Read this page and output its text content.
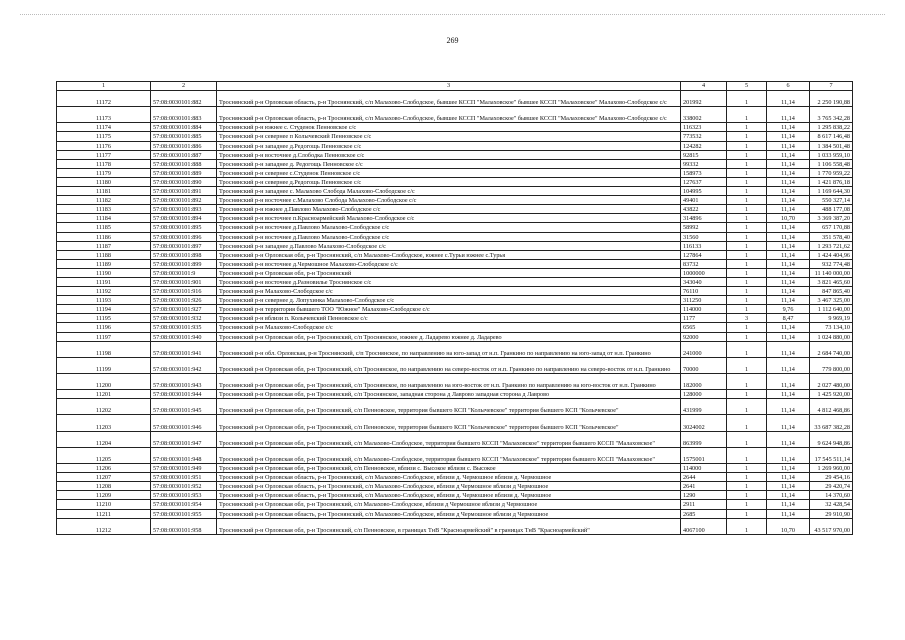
269
1	2	3	4	5	6	7
11172	57:08:0030101:882	Троснянский р-н Орловская область, р-н Троснянский, с/п Малахово-Слободское, бывшее КССП "Малаховское" бывшее КССП "Малаховское" Малахово-Слободское с/с	201992	1	11,14	2 250 190,88
11173	57:08:0030101:883	Троснянский р-н Орловская область, р-н Троснянский, с/п Малахово-Слободское, бывшее КССП "Малаховское" бывшее КССП "Малаховское" Малахово-Слободское с/с	338002	1	11,14	3 765 342,28
11174	57:08:0030101:884	Троснянский р-н южнее с. Студенок Пенновское с/с	116323	1	11,14	1 295 838,22
11175	57:08:0030101:885	Троснянский р-н севернее п Колычевский Пенновское с/с	773532	1	11,14	8 617 146,48
11176	57:08:0030101:886	Троснянский р-н западнее д.Редогощь Пенновское с/с	124282	1	11,14	1 384 501,48
11177	57:08:0030101:887	Троснянский р-н восточнее д.Слободка Пенновское с/с	92815	1	11,14	1 033 959,10
11178	57:08:0030101:888	Троснянский р-н западнее д. Редогощь Пенновское с/с	99332	1	11,14	1 106 558,48
11179	57:08:0030101:889	Троснянский р-н севернее с.Студенок Пенновское с/с	158973	1	11,14	1 770 959,22
11180	57:08:0030101:890	Троснянский р-н севернее д.Редогощь Пенновское с/с	127637	1	11,14	1 421 876,18
11181	57:08:0030101:891	Троснянский р-н западнее с. Малахово Слобода Малахово-Слободское с/с	104995	1	11,14	1 169 644,30
11182	57:08:0030101:892	Троснянский р-н восточнее с.Малахово Слобода Малахово-Слободское с/с	49401	1	11,14	550 327,14
11183	57:08:0030101:893	Троснянский р-н южнее д.Павлово Малахово-Слободское с/с	43822	1	11,14	488 177,08
11184	57:08:0030101:894	Троснянский р-н восточнее п.Красноармейский Малахово-Слободское с/с	314896	1	10,70	3 369 387,20
11185	57:08:0030101:895	Троснянский р-н восточнее д.Павлово Малахово-Слободское с/с	58992	1	11,14	657 170,88
11186	57:08:0030101:896	Троснянский р-н восточнее д.Павлово Малахово-Слободское с/с	31560	1	11,14	351 578,40
11187	57:08:0030101:897	Троснянский р-н западнее д.Павлово Малахово-Слободское с/с	116133	1	11,14	1 293 721,62
11188	57:08:0030101:898	Троснянский р-н Орловская обл, р-н Троснянский, с/п Малахово-Слободское, южнее с.Турьи южнее с.Турья	127864	1	11,14	1 424 404,96
11189	57:08:0030101:899	Троснянский р-н восточнее д.Чермошное Малахово-Слободское с/с	83732	1	11,14	932 774,48
11190	57:08:0030101:9	Троснянский р-н Орловская обл, р-н Троснянский	1000000	1	11,14	11 140 000,00
11191	57:08:0030101:901	Троснянский р-н восточнее д.Разновилье Троснянское с/с	343040	1	11,14	3 821 465,60
11192	57:08:0030101:916	Троснянский р-н Малахово-Слободское с/с	76110	1	11,14	847 865,40
11193	57:08:0030101:926	Троснянский р-н севернее д. Лопухинка Малахово-Слободское с/с	311250	1	11,14	3 467 325,00
11194	57:08:0030101:927	Троснянский р-н территория бывшего ТОО "Южное" Малахово-Слободское с/с	114000	1	9,76	1 112 640,00
11195	57:08:0030101:932	Троснянский р-н вблизи п. Колычевский Пенновское с/с	1177	3	8,47	9 969,19
11196	57:08:0030101:935	Троснянский р-н Малахово-Слободское с/с	6565	1	11,14	73 134,10
11197	57:08:0030101:940	Троснянский р-н Орловская обл, р-н Троснянский, с/п Троснянское, южнее д. Ладарево южнее д. Ладарево	92000	1	11,14	1 024 880,00
11198	57:08:0030101:941	Троснянский р-н обл. Орловская, р-н Троснянский, с/п Троснянское, по направлению на юго-запад от н.п. Гранкино по направлению на юго-запад от н.п. Гранкино	241000	1	11,14	2 684 740,00
11199	57:08:0030101:942	Троснянский р-н Орловская обл, р-н Троснянский, с/п Троснянское, по направлению на северо-восток от н.п. Гранкино по направлению на северо-восток от н.п. Гранкино	70000	1	11,14	779 800,00
11200	57:08:0030101:943	Троснянский р-н Орловская обл, р-н Троснянский, с/п Троснянское, по направлению на юго-восток от н.п. Гранкино по направлению на юго-восток от н.п. Гранкино	182000	1	11,14	2 027 480,00
11201	57:08:0030101:944	Троснянский р-н Орловская обл, р-н Троснянский, с/п Троснянское, западная сторона д Лаврово западная сторона д Лаврово	128000	1	11,14	1 425 920,00
11202	57:08:0030101:945	Троснянский р-н Орловская обл, р-н Троснянский, с/п Пенновское, территория бывшего КСП "Колычевское" территория бывшего КСП "Колычевское"	431999	1	11,14	4 812 468,86
11203	57:08:0030101:946	Троснянский р-н Орловская обл, р-н Троснянский, с/п Пенновское, территория бывшего КСП "Колычевское" территория бывшего КСП "Колычевское"	3024002	1	11,14	33 687 382,28
11204	57:08:0030101:947	Троснянский р-н Орловская обл, р-н Троснянский, с/п Малахово-Слободское, территория бывшего КССП "Малаховское" территория бывшего КССП "Малаховское"	863999	1	11,14	9 624 948,86
11205	57:08:0030101:948	Троснянский р-н Орловская обл, р-н Троснянский, с/п Малахово-Слободское, территория бывшего КССП "Малаховское" территория бывшего КССП "Малаховское"	1575001	1	11,14	17 545 511,14
11206	57:08:0030101:949	Троснянский р-н Орловская обл, р-н Троснянский, с/п Пенновское, вблизи с. Высокое вблизи с. Высокое	114000	1	11,14	1 269 960,00
11207	57:08:0030101:951	Троснянский р-н Орловская область, р-н Троснянский, с/п Малахово-Слободское, вблизи д. Чермошное вблизи д. Чермошное	2644	1	11,14	29 454,16
11208	57:08:0030101:952	Троснянский р-н Орловская область, р-н Троснянский, с/п Малахово-Слободское, вблизи д Чермошное вблизи д Чермошное	2641	1	11,14	29 420,74
11209	57:08:0030101:953	Троснянский р-н Орловская область, р-н Троснянский, с/п Малахово-Слободское, вблизи д. Чермошное вблизи д. Чермошное	1290	1	11,14	14 370,60
11210	57:08:0030101:954	Троснянский р-н Орловская обл, р-н Троснянский, с/п Малахово-Слободское, вблизи д Чермошное вблизи д Чермошное	2911	1	11,14	32 428,54
11211	57:08:0030101:955	Троснянский р-н Орловская область, р-н Троснянский, с/п Малахово-Слободское, вблизи д Чермошное вблизи д Чермошное	2685	1	11,14	29 910,90
11212	57:08:0030101:958	Троснянский р-н Орловская обл, р-н Троснянский, с/п Пенновское, в границах ТнВ "Красноармейский" в границах ТнВ "Красноармейский"	4067100	1	10,70	43 517 970,00
